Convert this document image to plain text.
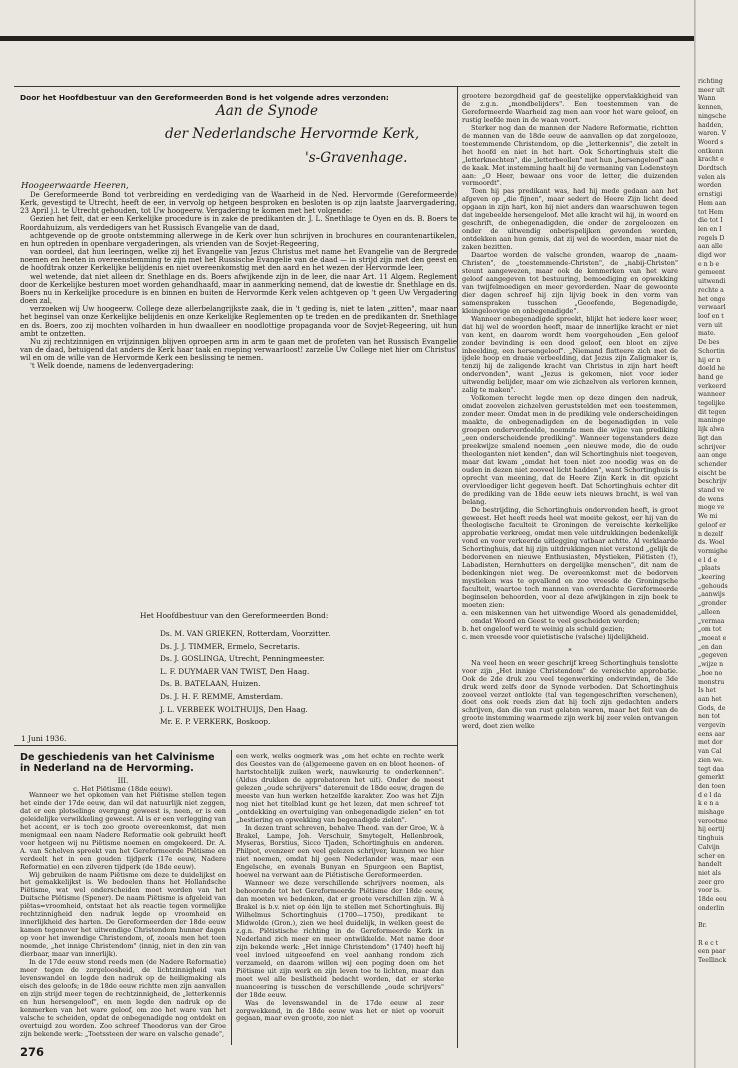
Door het Hoofdbestuur van den Gereformeerden Bond is het volgende adres verzonden:
Aan de Synode
der Nederlandsche Hervormde Kerk,
's-Gravenhage.
Hoogeerwaarde Heeren,

De Gereformeerde Bond tot verbreiding en verdediging van de Waarheid in de Ned. Hervormde (Gereformeerde) Kerk, gevestigd te Utrecht, heeft de eer, in vervolg op hetgeen besproken en besloten is op zijn laatste Jaarvergadering, 23 April j.l. te Utrecht gehouden, tot Uw hoogeerw. Vergadering te komen met het volgende:

Gezien het feit, dat er een Kerkelijke procedure is in zake de predikanten dr. J. L. Snethlage te Oyen en ds. B. Boers te Roordahuizum, als verdedigers van het Russisch Evangelie van de daad,

achtgevende op de groote ontstemming allerwege in de Kerk over hun schrijven in brochures en courantenartikelen, en hun optreden in openbare vergaderingen, als vrienden van de Sovjet-Regeering,

van oordeel, dat hun leeringen, welke zij het Evangelie van Jezus Christus met name het Evangelie van de Bergrede noemen en heeten in overeenstemming te zijn met het Russische Evangelie van de daad — in strijd zijn met den geest en de hoofdtrak onzer Kerkelijke belijdenis en niet overeenkomstig met den aard en het wezen der Hervormde leer,

wel wetende, dat niet alleen dr. Snethlage en ds. Boers afwijkende zijn in de leer, die naar Art. 11 Algem. Reglement door de Kerkelijke besturen moet worden gehandhaafd, maar in aanmerking nemend, dat de kwestie dr. Snethlage en ds. Boers nu in Kerkelijke procedure is en binnen en buiten de Hervormde Kerk velen achtgeven op 't geen Uw Vergadering doen zal,

verzoeken wij Uw hoogeerw. College deze allerbelangrijkste zaak, die in 't geding is, niet te laten „zitten", maar naar het beginsel van onze Kerkelijke belijdenis en onze Kerkelijke Reglementen op te treden en de predikanten dr. Snethlage en ds. Boers, zoo zij mochten volharden in hun dwaalleer en noodlottige propaganda voor de Sovjet-Regeering, uit hun ambt te ontzetten.

Nu zij rechtzinnigen en vrijzinnigen blijven oproepen arm in arm te gaan met de profeten van het Russisch Evangelie van de daad, betuigend dat anders de Kerk haar taak en roeping verwaarloost! zarzelie Uw College niet hier om Christus' wil en om de wille van de Hervormde Kerk een beslissing te nemen.

't Welk doende, namens de ledenvergadering:

Het Hoofdbestuur van den Gereformeerden Bond:
Ds. M. VAN GRIEKEN, Rotterdam, Voorzitter.
Ds. J. J. TIMMER, Ermelo, Secretaris.
Ds. J. GOSLINGA, Utrecht, Penningmeester.
L. F. DUYMAER VAN TWIST, Den Haag.
Ds. B. BATELAAN, Huizen.
Ds. J. H. F. REMME, Amsterdam.
J. L. VERBEEK WOLTHUIJS, Den Haag.
Mr. E. P. VERKERK, Boskoop.
1 Juni 1936.
De geschiedenis van het Calvinisme in Nederland na de Hervorming.
III.
c. Het Piëtisme (18de eeuw).

Wanneer we het opkomen van het Piëtisme stellen tegen het einde der 17de eeuw, dan wil dat natuurlijk niet zeggen, dat er een plotselinge overgang geweest is, neen, er is een geleidelijke verwikkeling geweest. Al is er een verlegging van het accent, er is toch zoo groote overeenkomst, dat men menigmaal een naam Nadere Reformatie ook gebruikt heeft voor hetgeen wij nu Piëtisme noemen en omgekeerd. Dr. A. A. van Schelven spreekt van het Gereformeerde Piëtisme en verdeelt het in een gouden tijdperk (17e eeuw, Nadere Reformatie) en een zilveren tijdperk (de 18de eeuw).

Wij gebruiken de naam Piëtisme om deze te duidelijkst en het gemakkelijkst is. We bedoelen thans het Hollandsche Piëtisme, wat wel onderscheiden moet worden van het Duitsche Piëtisme (Spener). De naam Piëtisme is afgeleid van piëtas=vroomheid, ontstaat het als reactie tegen vormelijke rechtzinnigheid den nadruk legde op vroomheid en innerlijkheid des harten. De Gereformeerden der 18de eeuw kamen tegenover het uitwendige Christendom hunner dagen op voor het inwendige Christendom, of, zooals men het toen noemde, „het innige Christendom" (innig, niet in den zin van dierbaar, maar van innerlijk).

In de 17de eeuw stond reeds men (de Nadere Reformatie) meer tegen de zorgeloosheid, de lichtzinnigheid van levenswandel en legde den nadruk op de heiligmaking als eisch des geloofs; in de 18de eeuw richtte men zijn aanvallen en zijn strijd meer tegen de rechtzinnigheid, de „letterkennis en hun hersengeloof", en men legde den nadruk op de kenmerken van het ware geloof, om zoo het ware van het valsche te scheiden, opdat de onbegenadigde nog ontdekt en overtuigd zou worden. Zoo schreef Theodorus van der Groe zijn bekende werk: „Toetssteen der ware en valsche genade",

een werk, welks oogmerk was „om het echte en rechte werk des Geestes van de (al)gemeene gaven en en bloot heenen- of hartstochtelijk zuiken werk, nauwkeurig te onderkennen". (Aldus drukken de approbatoren het uit). Onder de meest gelezen „oude schrijvers" daterenuit de 18de eeuw, dragen de meeste van hun werken hetzelfde karakter. Zoo was het Zijn nog niet het titelblad kunt ge het lezen, dat men schreef tot „ontdekking en overtuiging van onbegenadigde zielen" en tot „bestiering en opwekking van begenadigde zielen".

In dezen trant schreven, behalve Theod. van der Groe, W. à Brakel, Lampe, Joh. Verschuir, Smytegelt, Hellenbroek, Myseras, Borstius, Sicco Tjaden, Schortinghuis en anderen. Philpot, evenzeer een veel gelezen schrijver, kunnen we hier niet noemen, omdat hij geen Nederlander was, maar een Engelsche, en evenals Bunyan en Spurgeon een Baptist, hoewel na verwant aan de Piëtistische Gereformeerden.

Wanneer we deze verschillende schrijvers noemen, als behoorende tot het Gereformeerde Piëtisme der 18de eeuw, dan moeten we bedenken, dat er groote verschillen zijn. W. à Brakel is b.v. niet op één lijn te stellen met Schortinghuis. Bij Wilhelmus Schortinghuis (1700—1750), predikant te Midwolde (Gron.), zien we heel duidelijk, in welken geest de z.g.n. Piëtistische richting in de Gereformeerde Kerk in Nederland zich meer en meer ontwikkelde. Met name door zijn bekende werk: „Het innige Christendom" (1740) heeft hij veel invloed uitgeoefend en veel aanhang rondom zich verzameld, en daarom willen wij een poging doen om het Piëtisme uit zijn werk en zijn leven toe te lichten, maar dan moet wel alle beslistheid bedacht worden, dat er sterke nuanceering is tusschen de verschillende „oude schrijvers" der 18de eeuw.

Was de levenswandel in de 17de eeuw al zeer zorgwekkend, in de 18de eeuw was het er niet op vooruit gegaan, maar even groote, zoo niet

grootere bezorgdheid gaf de geestelijke oppervlakkigheid van de z.g.n. „mondbelijders". Een toestemmen van de Gereformeerde Waarheid zag men aan voor het ware geloof, en rustig leefde men in de waan voort.

Sterker nog dan de mannen der Nadere Reformatie, richtten de mannen van de 18de eeuw de aanvallen op dat zorgelooze, toestemmende Christendom, op die „letterkennis", die zetelt in het hoofd en niet in het hart. Ook Schortinghuis stelt die „letterknechten", die „letterbeollen" met hun „hersengeloof" aan de kaak. Met instemming haalt hij de vermaning van Lodensteyn aan: „O Heer, bewaar ons voor de letter, die duizenden vermoordt".

Toen hij pas predikant was, had hij mede gedaan aan het afgeven op „die fijnen", maar sedert de Heere Zijn licht deed opgaan in zijn hart, kon hij niet anders dan waarschuwen tegen dat ingebeelde hersengeloof. Met alle kracht wil hij, in woord en geschrift, de onbegenadigden, die onder de zorgeloozen en onder de uitwendig onberispelijken gevonden worden, ontdekken aan hun gemis, dat zij wel de woorden, maar niet de zaken bezitten.

Daartoe worden de valsche gronden, waarop de „naam-Christen", de „toestemmende-Christen", de „nabij-Christen" steunt aangewezen, maar ook de kenmerken van het ware geloof aangegeven tot bestuuring, bemoediging en opwekking van twijfelmoedigen en meer gevorderden. Naar de gewoonte dier dagen schreef hij zijn lijvig boek in den vorm van samenspraken tusschen „Geoefende, Begenadigde, kleingeloovige en onbegenadigde".

Wanneer onbegenadigde spreekt, blijkt het iedere keer weer, dat hij wel de woorden heeft, maar de innerlijke kracht er niet van kent, en daarom wordt hem voorgehouden „Een geloof zonder bevinding is een dood geloof, een bloot en zijve inbeelding, een hersengeloof". „Niemand flatteere zich met de ijdele hoop en draaie verbeelding, dat Jezus zijn Zaligmaker is, tenzij hij de zaligende kracht van Christus in zijn hart heeft ondervonden", want „Jezus is gekomen, niet voor ieder uitwendig belijder, maar om wie zichzelven als verloren kennen, zalig te maken".

Volkomen terecht legde men op deze dingen den nadruk, omdat zoovelen zichzelven geruststelden met een toestemmen, zonder meer. Omdat men in de prediking vele onderscheidingen maakte, de onbegenadigden en de begenadigden in vele groepen onderverdeelde, noemde men die wijze van prediking „een onderscheidende prediking". Wanneer tegenstanders deze preekwijze smalend noemen „een nieuwe mode, die de oude theologanten niet kenden", dan wil Schortinghuis niet toegeven, maar dat kwam „omdat het toen niet zoo noodig was en de ouden in dezen niet zooveel licht hadden", want Schortinghuis is oprecht van meening, dat de Heere Zijn Kerk in dit opzicht overvloediger licht gegeven heeft. Dat Schortinghuis echter dit de prediking van de 18de eeuw iets nieuws bracht, is wel van belang.

De bestrijding, die Schortinghuis ondervonden heeft, is groot geweest. Het heeft reeds heel wat moeite gekost, eer hij van de theologische faculteit te Groningen de vereischte kerkelijke approbatie verkreeg, omdat men vele uitdrukkingen bedenkelijk vond en voor verkeerde uitlegging vatbaar achtte. Al verklaarde Schortinghuis, dat hij zijn uitdrukkingen niet verstond „gelijk de bedorvenen en nieuwe Enthusiasten, Mystieken, Piëtisten (!), Labadisten, Hernhutters en dergelijke menschen", dit nam de bedenkingen niet weg. De overeenkomst met de bedorven mystieken was te opvallend en zoo vreesde de Groningsche faculteit, waartoe toch mannen van overdachte Gereformeerde beginselen behoorden, voor al deze afwijkingen in zijn boek te moeten zien:

a. een miskennen van het uitwendige Woord als genademiddel, omdat Woord en Geest te veel gescheiden werden;

b. het ongeloof werd te weinig als schuld gezien;

c. men vreesde voor quietistische (valsche) lijdelijkheid.

*

Na veel heen en weer geschrijf kreeg Schortinghuis tenslotte voor zijn „Het innige Christendom" de vereischte approbatie. Ook de 2de druk zou veel tegenwerking ondervinden, de 3de druk werd zelfs door de Synode verboden. Dat Schortinghuis zooveel verzet ontlokte (tal van tegengeschriften verschenen), doet ons ook reeds zien dat hij toch zijn gedachten anders schrijven, dan die van rust gelaten waren, maar het feit van de groote instemming waarmede zijn werk bij zeer velen ontvangen werd, doet zien welke

276
richting
meer ult
Wann
kennen,
ningsche
hadden,
waren. V
Woord s
ontkenn
kracht e
Dordtsch
velen als
worden
ernstigi
Hem aan
tot Hem
die tot I
len en I
regels D
aan alle
digd wor
e n b e
gemeent
uitwendi
rechte a
het onge
verwaarl
loof en t
vern uit
mate.
De bes
Schortin
hij er n
doeld he
hand ge
verkeerd
wanneer
tegelijke
dit tegen
maninge
lijk alwa
ligt dan
schrijver
aan onge
schender
eischt be
beschrijv
stand ve
de wens
moge ve
We mi
geloof er
n dezelf
ds. Woel
vormighe
e l d e
„plaats
„keering
„gehouds
„aanwijs
„gronder
„alleen
„vermaa
„om tot
„moeat e
„en dan
„gegeven
„wijze n
„hoe no
monstru
Is het
aan het
Gods, de
nen tot
vergevin
eens aar
met dor
van Cal
zien we.
tegt daa
gemerkt
den toen
d e l da
k e n a
mishage
verootme
hij eertij
tinghuis
Calvijn
scher en
handelt
niet als
zeer gro
voor is.
18de eeu
onderlin

Br.

R e c t
een paar
Teellinck
